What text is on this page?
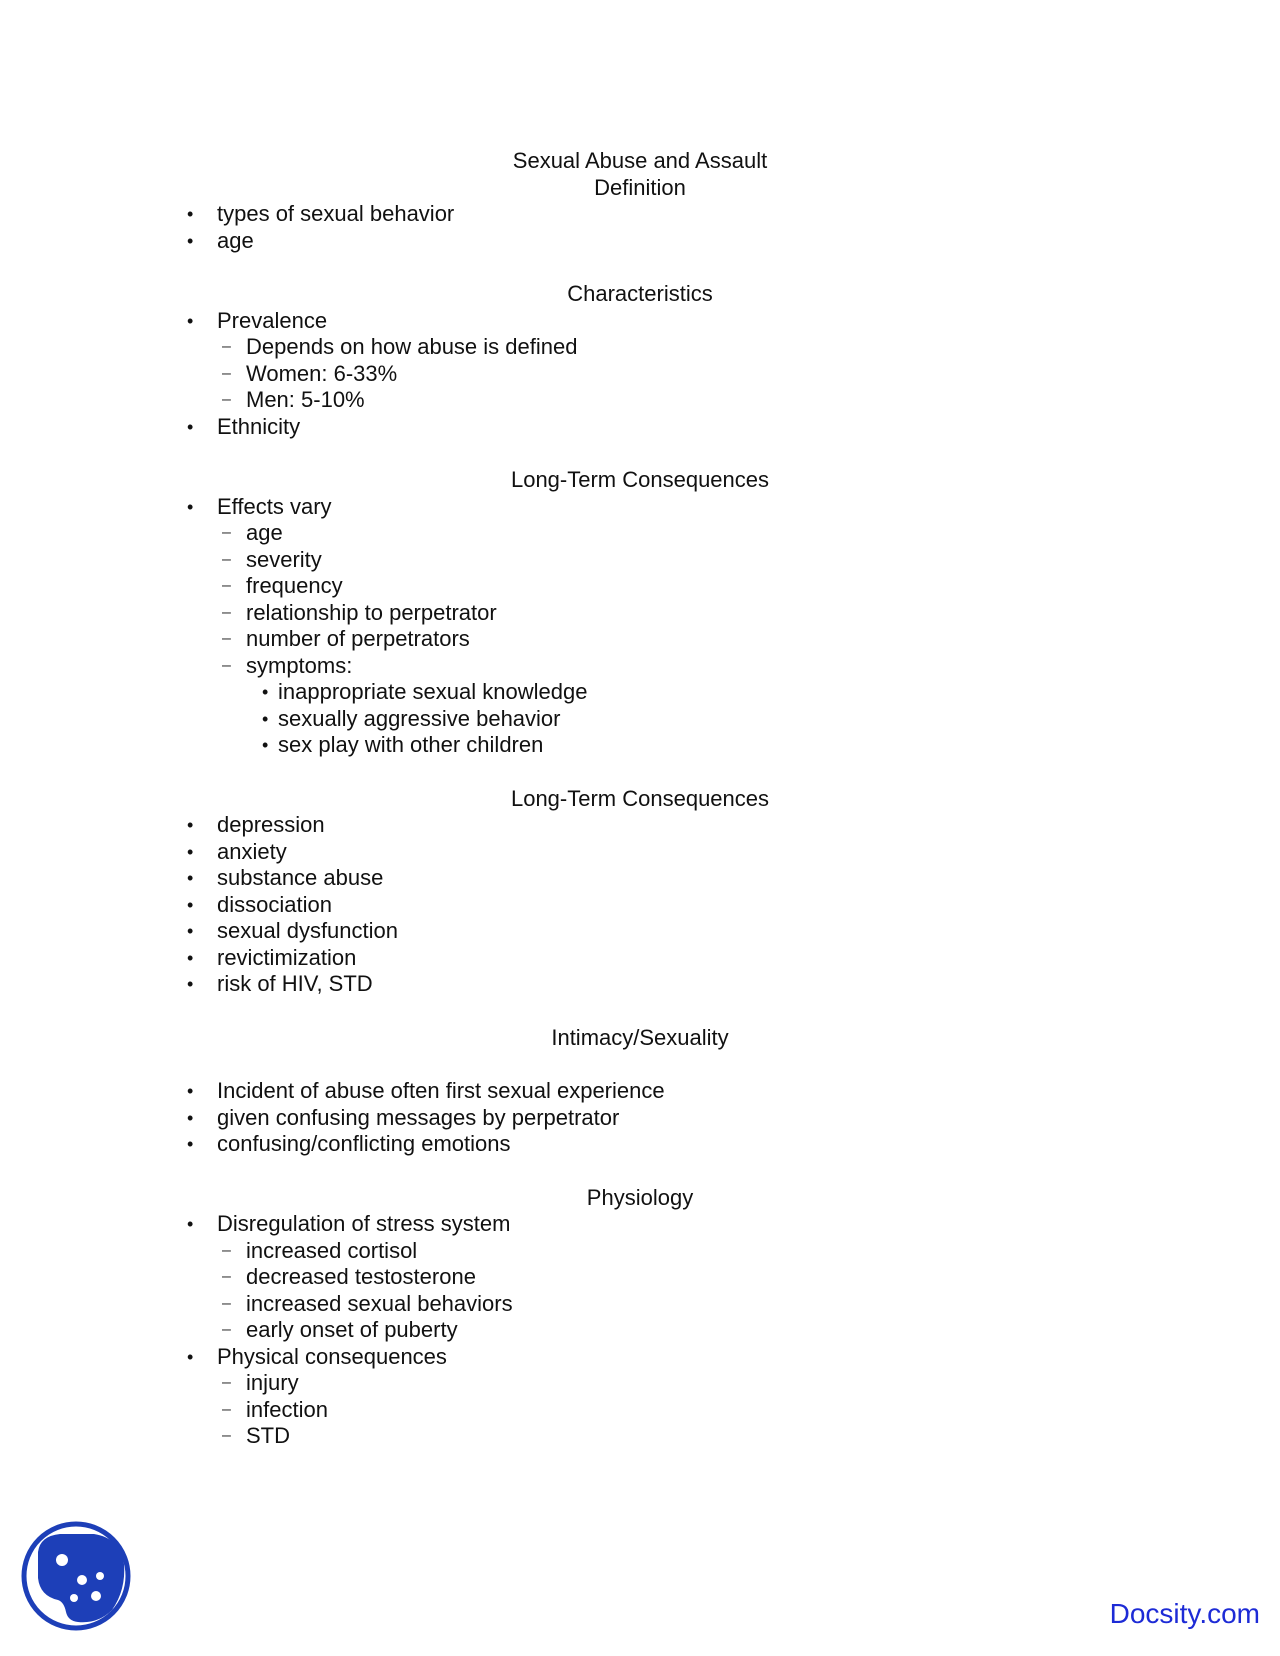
Sexual Abuse and Assault
Definition
• types of sexual behavior
• age
Characteristics
• Prevalence
– Depends on how abuse is defined
– Women: 6-33%
– Men: 5-10%
• Ethnicity
Long-Term Consequences
• Effects vary
– age
– severity
– frequency
– relationship to perpetrator
– number of perpetrators
– symptoms:
• inappropriate sexual knowledge
• sexually aggressive behavior
• sex play with other children
Long-Term Consequences
• depression
• anxiety
• substance abuse
• dissociation
• sexual dysfunction
• revictimization
• risk of HIV, STD
Intimacy/Sexuality
• Incident of abuse often first sexual experience
• given confusing messages by perpetrator
• confusing/conflicting emotions
Physiology
• Disregulation of stress system
– increased cortisol
– decreased testosterone
– increased sexual behaviors
– early onset of puberty
• Physical consequences
– injury
– infection
– STD
Docsity.com
